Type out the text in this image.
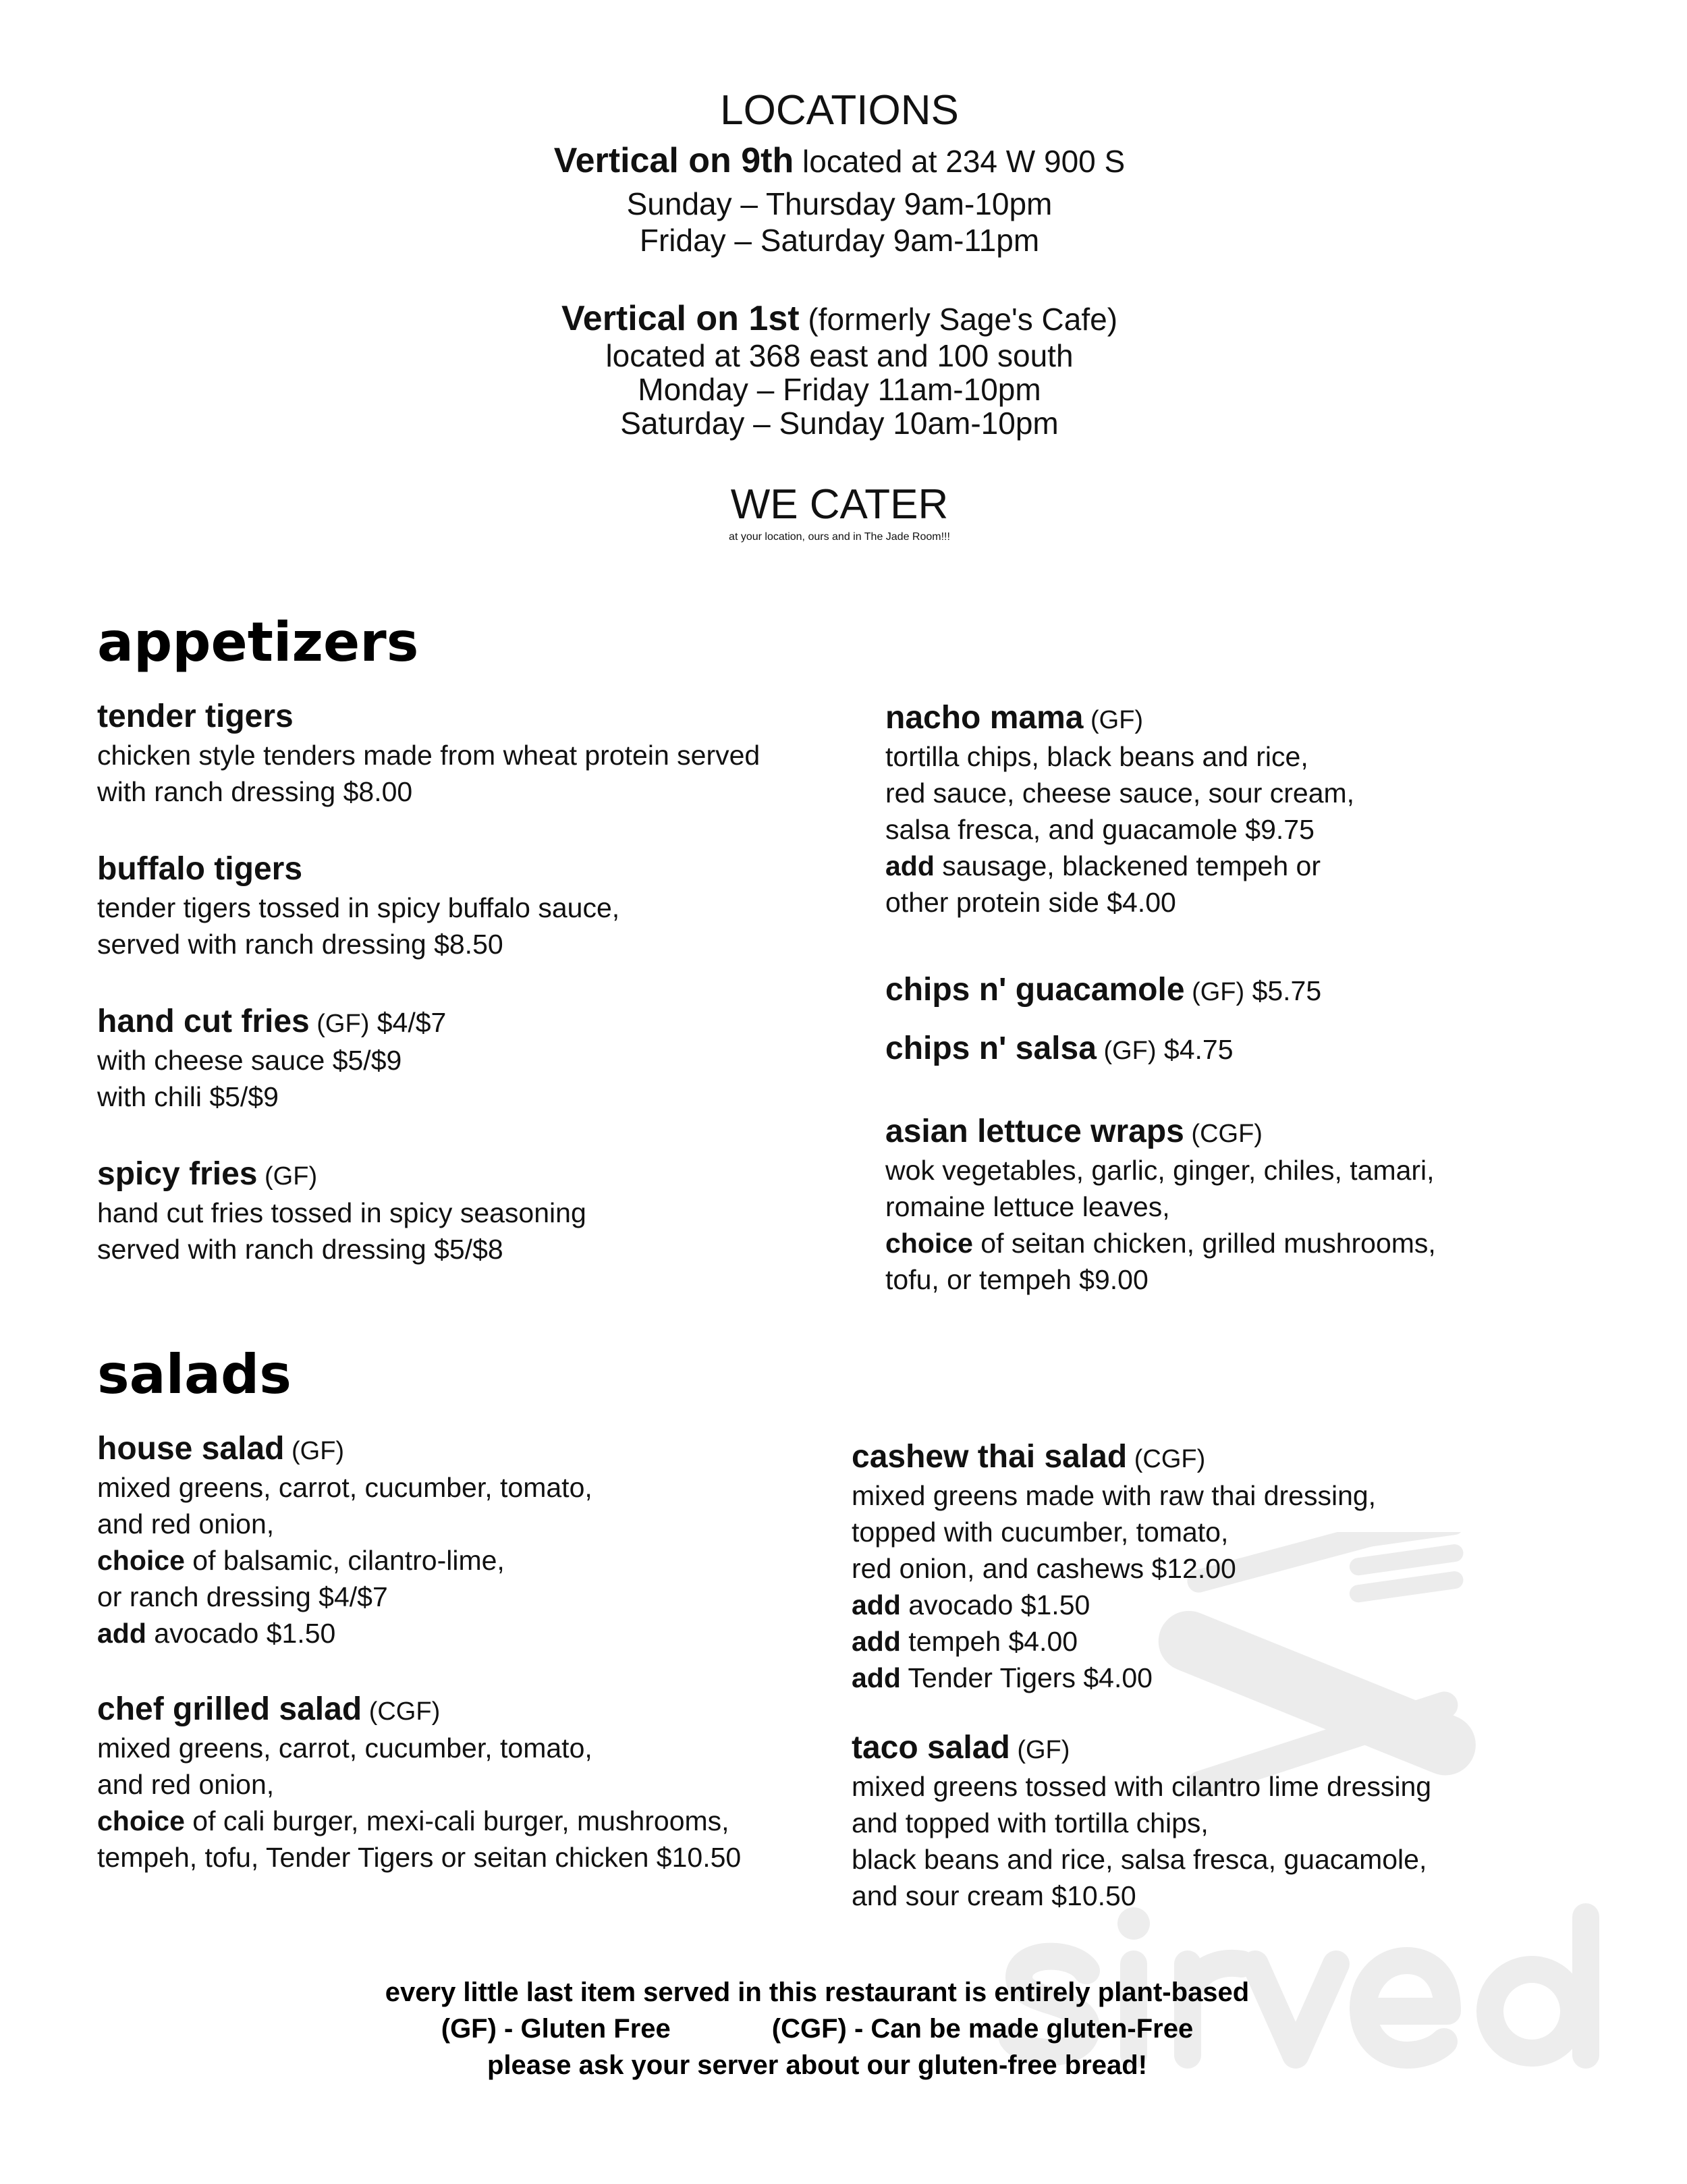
LOCATIONS
Vertical on 9th located at 234 W 900 S
Sunday – Thursday 9am-10pm
Friday – Saturday 9am-11pm
Vertical on 1st (formerly Sage's Cafe)
located at 368 east and 100 south
Monday – Friday 11am-10pm
Saturday – Sunday 10am-10pm
WE CATER
at your location, ours and in The Jade Room!!!
appetizers
salads
tender tigers
chicken style tenders made from wheat protein served
with ranch dressing $8.00
buffalo tigers
tender tigers tossed in spicy buffalo sauce,
served with ranch dressing $8.50
hand cut fries (GF) $4/$7
with cheese sauce $5/$9
with chili $5/$9
spicy fries (GF)
hand cut fries tossed in spicy seasoning
served with ranch dressing $5/$8
nacho mama (GF)
tortilla chips, black beans and rice,
red sauce, cheese sauce, sour cream,
salsa fresca, and guacamole $9.75
add sausage, blackened tempeh or
other protein side $4.00
chips n' guacamole (GF) $5.75
chips n' salsa (GF) $4.75
asian lettuce wraps (CGF)
wok vegetables, garlic, ginger, chiles, tamari,
romaine lettuce leaves,
choice of seitan chicken, grilled mushrooms,
tofu, or tempeh $9.00
house salad (GF)
mixed greens, carrot, cucumber, tomato,
and red onion,
choice of balsamic, cilantro-lime,
or ranch dressing $4/$7
add avocado $1.50
chef grilled salad (CGF)
mixed greens, carrot, cucumber, tomato,
and red onion,
choice of cali burger, mexi-cali burger, mushrooms,
tempeh, tofu, Tender Tigers or seitan chicken $10.50
cashew thai salad (CGF)
mixed greens made with raw thai dressing,
topped with cucumber, tomato,
red onion, and cashews $12.00
add avocado $1.50
add tempeh $4.00
add Tender Tigers $4.00
taco salad (GF)
mixed greens tossed with cilantro lime dressing
and topped with tortilla chips,
black beans and rice, salsa fresca, guacamole,
and sour cream $10.50
every little last item served in this restaurant is entirely plant-based
(GF) - Gluten Free	(CGF) - Can be made gluten-Free
please ask your server about our gluten-free bread!
